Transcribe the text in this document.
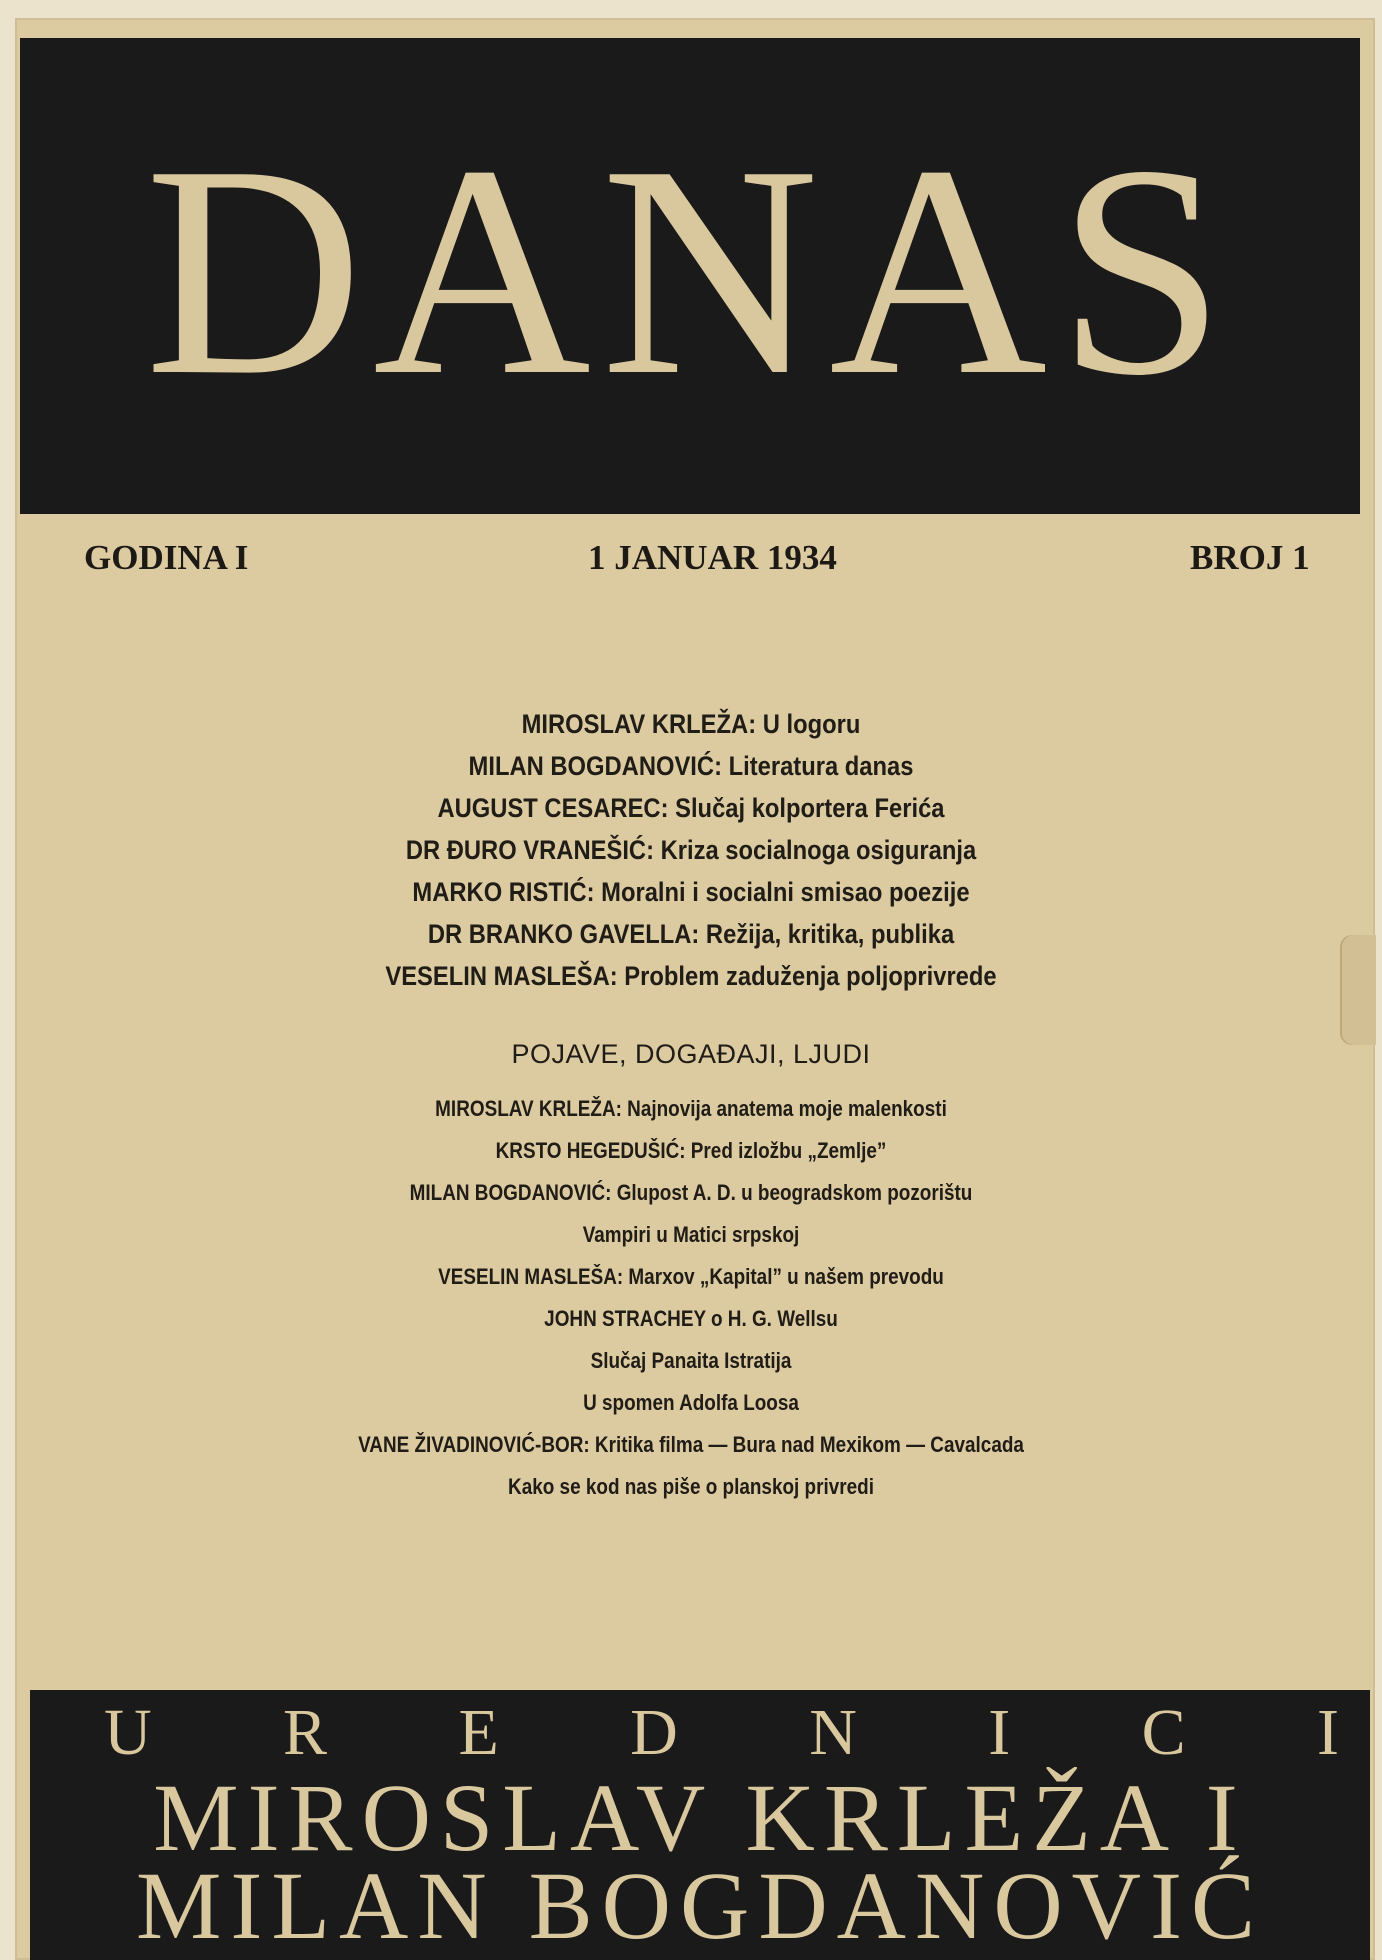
DANAS
GODINA I	1 JANUAR 1934	BROJ 1
MIROSLAV KRLEŽA: U logoru
MILAN BOGDANOVIĆ: Literatura danas
AUGUST CESAREC: Slučaj kolportera Ferića
DR ĐURO VRANEŠIĆ: Kriza socialnoga osiguranja
MARKO RISTIĆ: Moralni i socialni smisao poezije
DR BRANKO GAVELLA: Režija, kritika, publika
VESELIN MASLEŠA: Problem zaduženja poljoprivrede
POJAVE, DOGAĐAJI, LJUDI
MIROSLAV KRLEŽA: Najnovija anatema moje malenkosti
KRSTO HEGEDUŠIĆ: Pred izložbu „Zemlje”
MILAN BOGDANOVIĆ: Glupost A. D. u beogradskom pozorištu
Vampiri u Matici srpskoj
VESELIN MASLEŠA: Marxov „Kapital” u našem prevodu
JOHN STRACHEY o H. G. Wellsu
Slučaj Panaita Istratija
U spomen Adolfa Loosa
VANE ŽIVADINOVIĆ-BOR: Kritika filma — Bura nad Mexikom — Cavalcada
Kako se kod nas piše o planskoj privredi
U R E D N I C I
MIROSLAV KRLEŽA I
MILAN BOGDANOVIĆ
